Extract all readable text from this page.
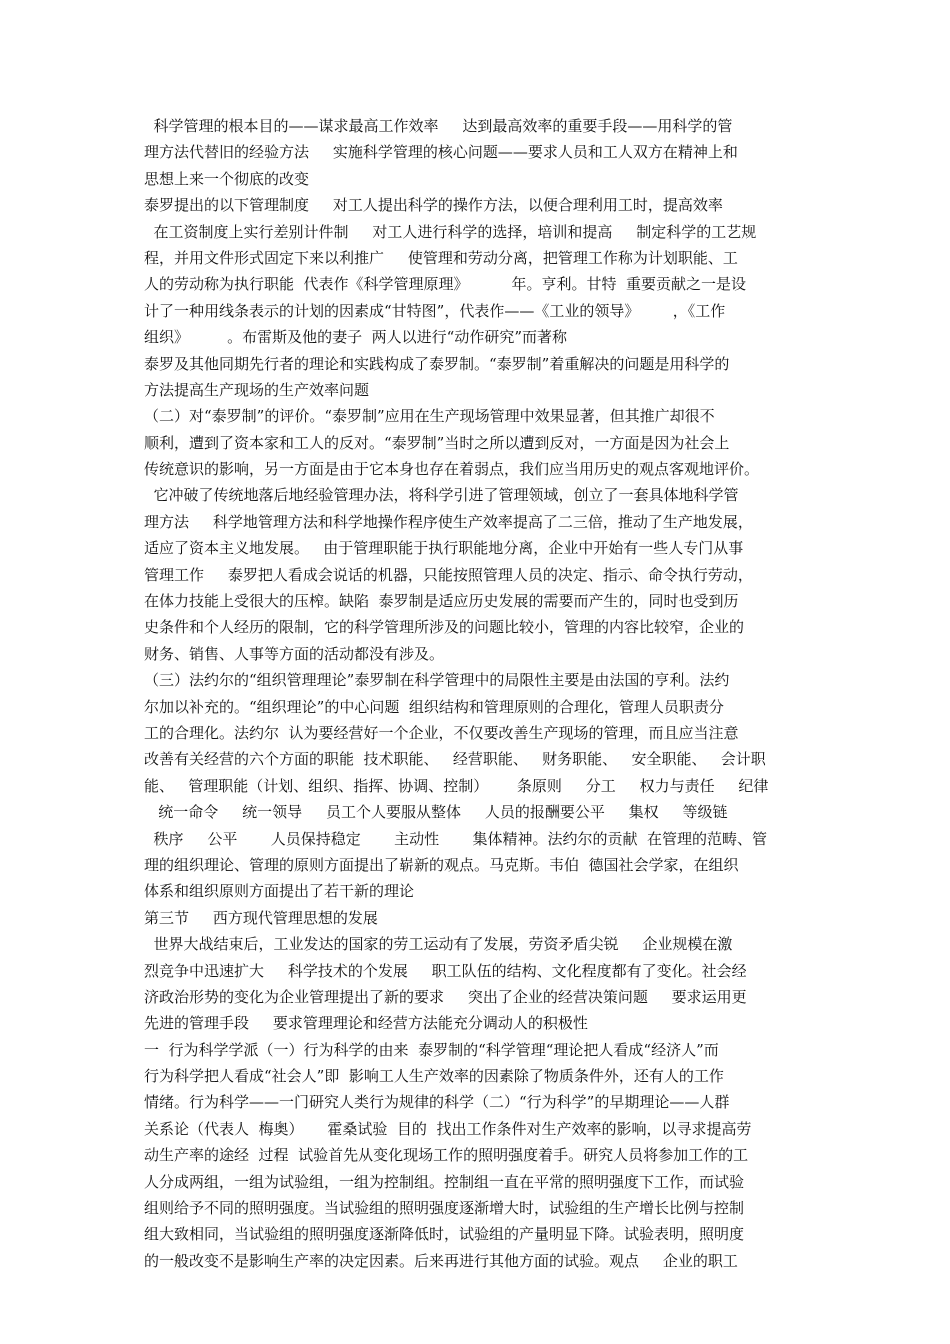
科学管理的根本目的——谋求最高工作效率     达到最高效率的重要手段——用科学的管
理方法代替旧的经验方法     实施科学管理的核心问题——要求人员和工人双方在精神上和
思想上来一个彻底的改变
泰罗提出的以下管理制度     对工人提出科学的操作方法，以便合理利用工时，提高效率
在工资制度上实行差别计件制     对工人进行科学的选择，培训和提高     制定科学的工艺规
程，并用文件形式固定下来以利推广     使管理和劳动分离，把管理工作称为计划职能、工
人的劳动称为执行职能  代表作《科学管理原理》         年。亨利。甘特  重要贡献之一是设
计了一种用线条表示的计划的因素成“甘特图”，代表作——《工业的领导》       ，《工作
组织》        。布雷斯及他的妻子  两人以进行“动作研究”而著称
泰罗及其他同期先行者的理论和实践构成了泰罗制。“泰罗制”着重解决的问题是用科学的
方法提高生产现场的生产效率问题
（二）对“泰罗制”的评价。“泰罗制”应用在生产现场管理中效果显著，但其推广却很不
顺利，遭到了资本家和工人的反对。“泰罗制”当时之所以遭到反对，一方面是因为社会上
传统意识的影响，另一方面是由于它本身也存在着弱点，我们应当用历史的观点客观地评价。
它冲破了传统地落后地经验管理办法，将科学引进了管理领域，创立了一套具体地科学管
理方法     科学地管理方法和科学地操作程序使生产效率提高了二三倍，推动了生产地发展，
适应了资本主义地发展。   由于管理职能于执行职能地分离，企业中开始有一些人专门从事
管理工作     泰罗把人看成会说话的机器，只能按照管理人员的决定、指示、命令执行劳动，
在体力技能上受很大的压榨。缺陷  泰罗制是适应历史发展的需要而产生的，同时也受到历
史条件和个人经历的限制，它的科学管理所涉及的问题比较小，管理的内容比较窄，企业的
财务、销售、人事等方面的活动都没有涉及。
（三）法约尔的“组织管理理论”泰罗制在科学管理中的局限性主要是由法国的亨利。法约
尔加以补充的。“组织理论”的中心问题  组织结构和管理原则的合理化，管理人员职责分
工的合理化。法约尔  认为要经营好一个企业，不仅要改善生产现场的管理，而且应当注意
改善有关经营的六个方面的职能  技术职能、   经营职能、   财务职能、   安全职能、   会计职
能、   管理职能（计划、组织、指挥、协调、控制）      条原则     分工     权力与责任     纪律
统一命令     统一领导     员工个人要服从整体     人员的报酬要公平     集权     等级链
秩序     公平       人员保持稳定       主动性       集体精神。法约尔的贡献  在管理的范畴、管
理的组织理论、管理的原则方面提出了崭新的观点。马克斯。韦伯  德国社会学家，在组织
体系和组织原则方面提出了若干新的理论
第三节     西方现代管理思想的发展
世界大战结束后，工业发达的国家的劳工运动有了发展，劳资矛盾尖锐     企业规模在激
烈竞争中迅速扩大     科学技术的个发展     职工队伍的结构、文化程度都有了变化。社会经
济政治形势的变化为企业管理提出了新的要求     突出了企业的经营决策问题     要求运用更
先进的管理手段     要求管理理论和经营方法能充分调动人的积极性
一  行为科学学派（一）行为科学的由来  泰罗制的“科学管理“理论把人看成“经济人”而
行为科学把人看成“社会人”即  影响工人生产效率的因素除了物质条件外，还有人的工作
情绪。行为科学——一门研究人类行为规律的科学（二）“行为科学”的早期理论——人群
关系论（代表人  梅奥）     霍桑试验  目的  找出工作条件对生产效率的影响，以寻求提高劳
动生产率的途经  过程  试验首先从变化现场工作的照明强度着手。研究人员将参加工作的工
人分成两组，一组为试验组，一组为控制组。控制组一直在平常的照明强度下工作，而试验
组则给予不同的照明强度。当试验组的照明强度逐渐增大时，试验组的生产增长比例与控制
组大致相同，当试验组的照明强度逐渐降低时，试验组的产量明显下降。试验表明，照明度
的一般改变不是影响生产率的决定因素。后来再进行其他方面的试验。观点     企业的职工
